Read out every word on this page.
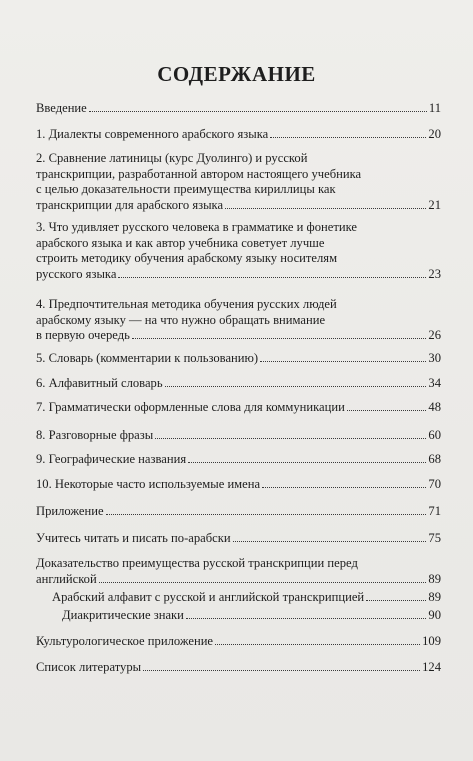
СОДЕРЖАНИЕ
Введение	11
1. Диалекты современного арабского языка	20
2. Сравнение латиницы (курс Дуолинго) и русской
транскрипции, разработанной автором настоящего учебника
с целью доказательности преимущества кириллицы как
транскрипции для арабского языка	21
3. Что удивляет русского человека в грамматике и фонетике
арабского языка и как автор учебника советует лучше
строить методику обучения арабскому языку носителям
русского языка	23
4. Предпочтительная методика обучения русских людей
арабскому языку — на что нужно обращать внимание
в первую очередь	26
5. Словарь (комментарии к пользованию)	30
6. Алфавитный словарь	34
7. Грамматически оформленные слова для коммуникации	48
8. Разговорные фразы	60
9. Географические названия	68
10. Некоторые часто используемые имена	70
Приложение	71
Учитесь читать и писать по-арабски	75
Доказательство преимущества русской транскрипции перед
английской	89
Арабский алфавит с русской и английской транскрипцией	89
Диакритические знаки	90
Культурологическое приложение	109
Список литературы	124
